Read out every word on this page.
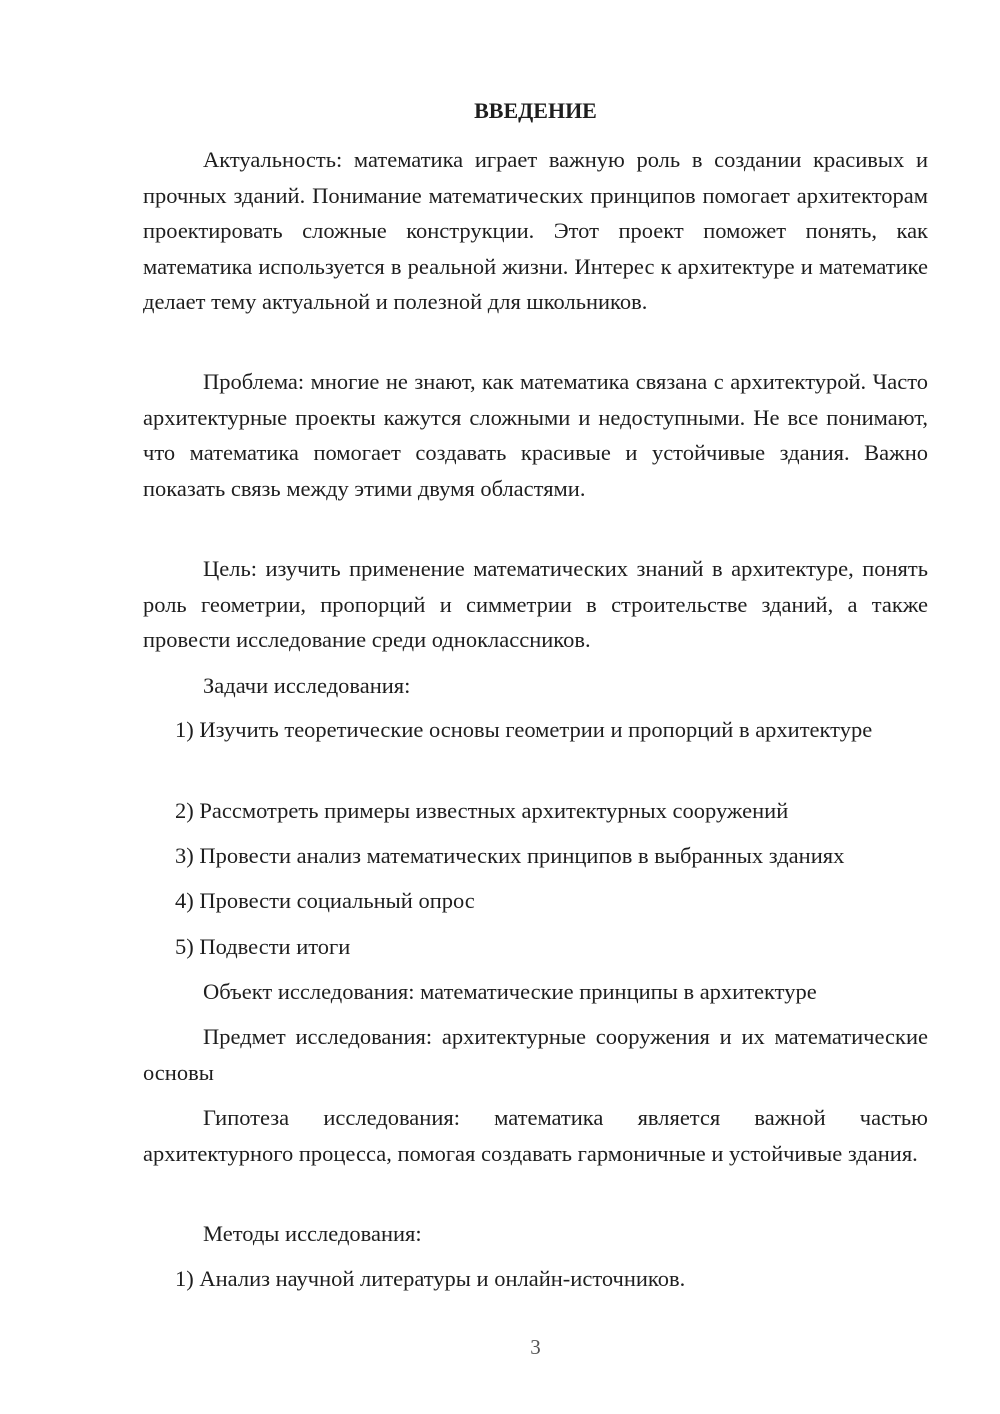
ВВЕДЕНИЕ

Актуальность: математика играет важную роль в создании красивых и прочных зданий. Понимание математических принципов помогает архитекторам проектировать сложные конструкции. Этот проект поможет понять, как математика используется в реальной жизни. Интерес к архитектуре и математике делает тему актуальной и полезной для школьников.

Проблема: многие не знают, как математика связана с архитектурой. Часто архитектурные проекты кажутся сложными и недоступными. Не все понимают, что математика помогает создавать красивые и устойчивые здания. Важно показать связь между этими двумя областями.

Цель: изучить применение математических знаний в архитектуре, понять роль геометрии, пропорций и симметрии в строительстве зданий, а также провести исследование среди одноклассников.

Задачи исследования:

1) Изучить теоретические основы геометрии и пропорций в архитектуре

2) Рассмотреть примеры известных архитектурных сооружений

3) Провести анализ математических принципов в выбранных зданиях

4) Провести социальный опрос

5) Подвести итоги

Объект исследования: математические принципы в архитектуре

Предмет исследования: архитектурные сооружения и их математические основы

Гипотеза исследования: математика является важной частью архитектурного процесса, помогая создавать гармоничные и устойчивые здания.

Методы исследования:

1) Анализ научной литературы и онлайн-источников.

3
